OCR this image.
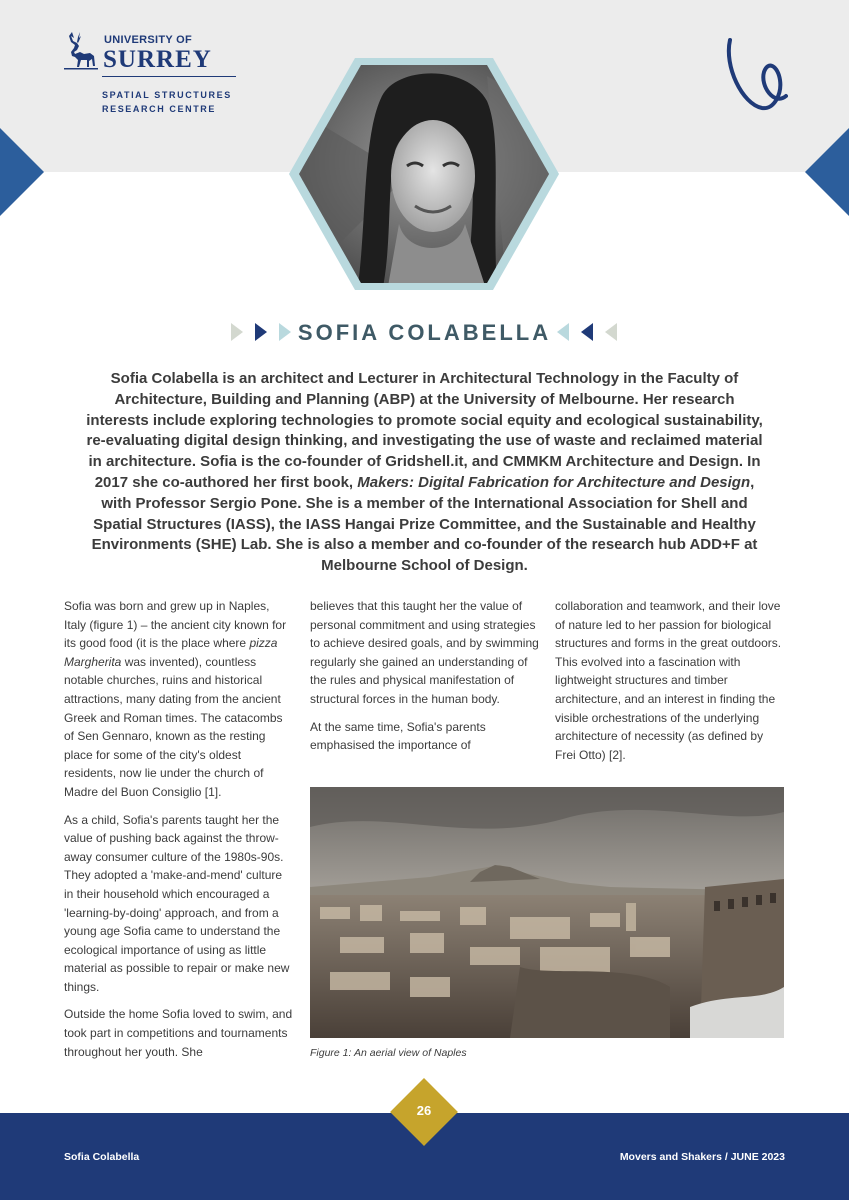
UNIVERSITY OF
SURREY
SPATIAL STRUCTURES
RESEARCH CENTRE
SOFIA COLABELLA
Sofia Colabella is an architect and Lecturer in Architectural Technology in the Faculty of Architecture, Building and Planning (ABP) at the University of Melbourne. Her research interests include exploring technologies to promote social equity and ecological sustainability, re-evaluating digital design thinking, and investigating the use of waste and reclaimed material in architecture. Sofia is the co-founder of Gridshell.it, and CMMKM Architecture and Design. In 2017 she co-authored her first book, Makers: Digital Fabrication for Architecture and Design, with Professor Sergio Pone. She is a member of the International Association for Shell and Spatial Structures (IASS), the IASS Hangai Prize Committee, and the Sustainable and Healthy Environments (SHE) Lab. She is also a member and co-founder of the research hub ADD+F at Melbourne School of Design.

Sofia was born and grew up in Naples, Italy (figure 1) – the ancient city known for its good food (it is the place where pizza Margherita was invented), countless notable churches, ruins and historical attractions, many dating from the ancient Greek and Roman times. The catacombs of Sen Gennaro, known as the resting place for some of the city's oldest residents, now lie under the church of Madre del Buon Consiglio [1].

As a child, Sofia's parents taught her the value of pushing back against the throw-away consumer culture of the 1980s-90s. They adopted a 'make-and-mend' culture in their household which encouraged a 'learning-by-doing' approach, and from a young age Sofia came to understand the ecological importance of using as little material as possible to repair or make new things.

Outside the home Sofia loved to swim, and took part in competitions and tournaments throughout her youth. She

believes that this taught her the value of personal commitment and using strategies to achieve desired goals, and by swimming regularly she gained an understanding of the rules and physical manifestation of structural forces in the human body.

At the same time, Sofia's parents emphasised the importance of

collaboration and teamwork, and their love of nature led to her passion for biological structures and forms in the great outdoors. This evolved into a fascination with lightweight structures and timber architecture, and an interest in finding the visible orchestrations of the underlying architecture of necessity (as defined by Frei Otto) [2].

Figure 1: An aerial view of Naples
Sofia Colabella	Movers and Shakers / JUNE 2023
26
